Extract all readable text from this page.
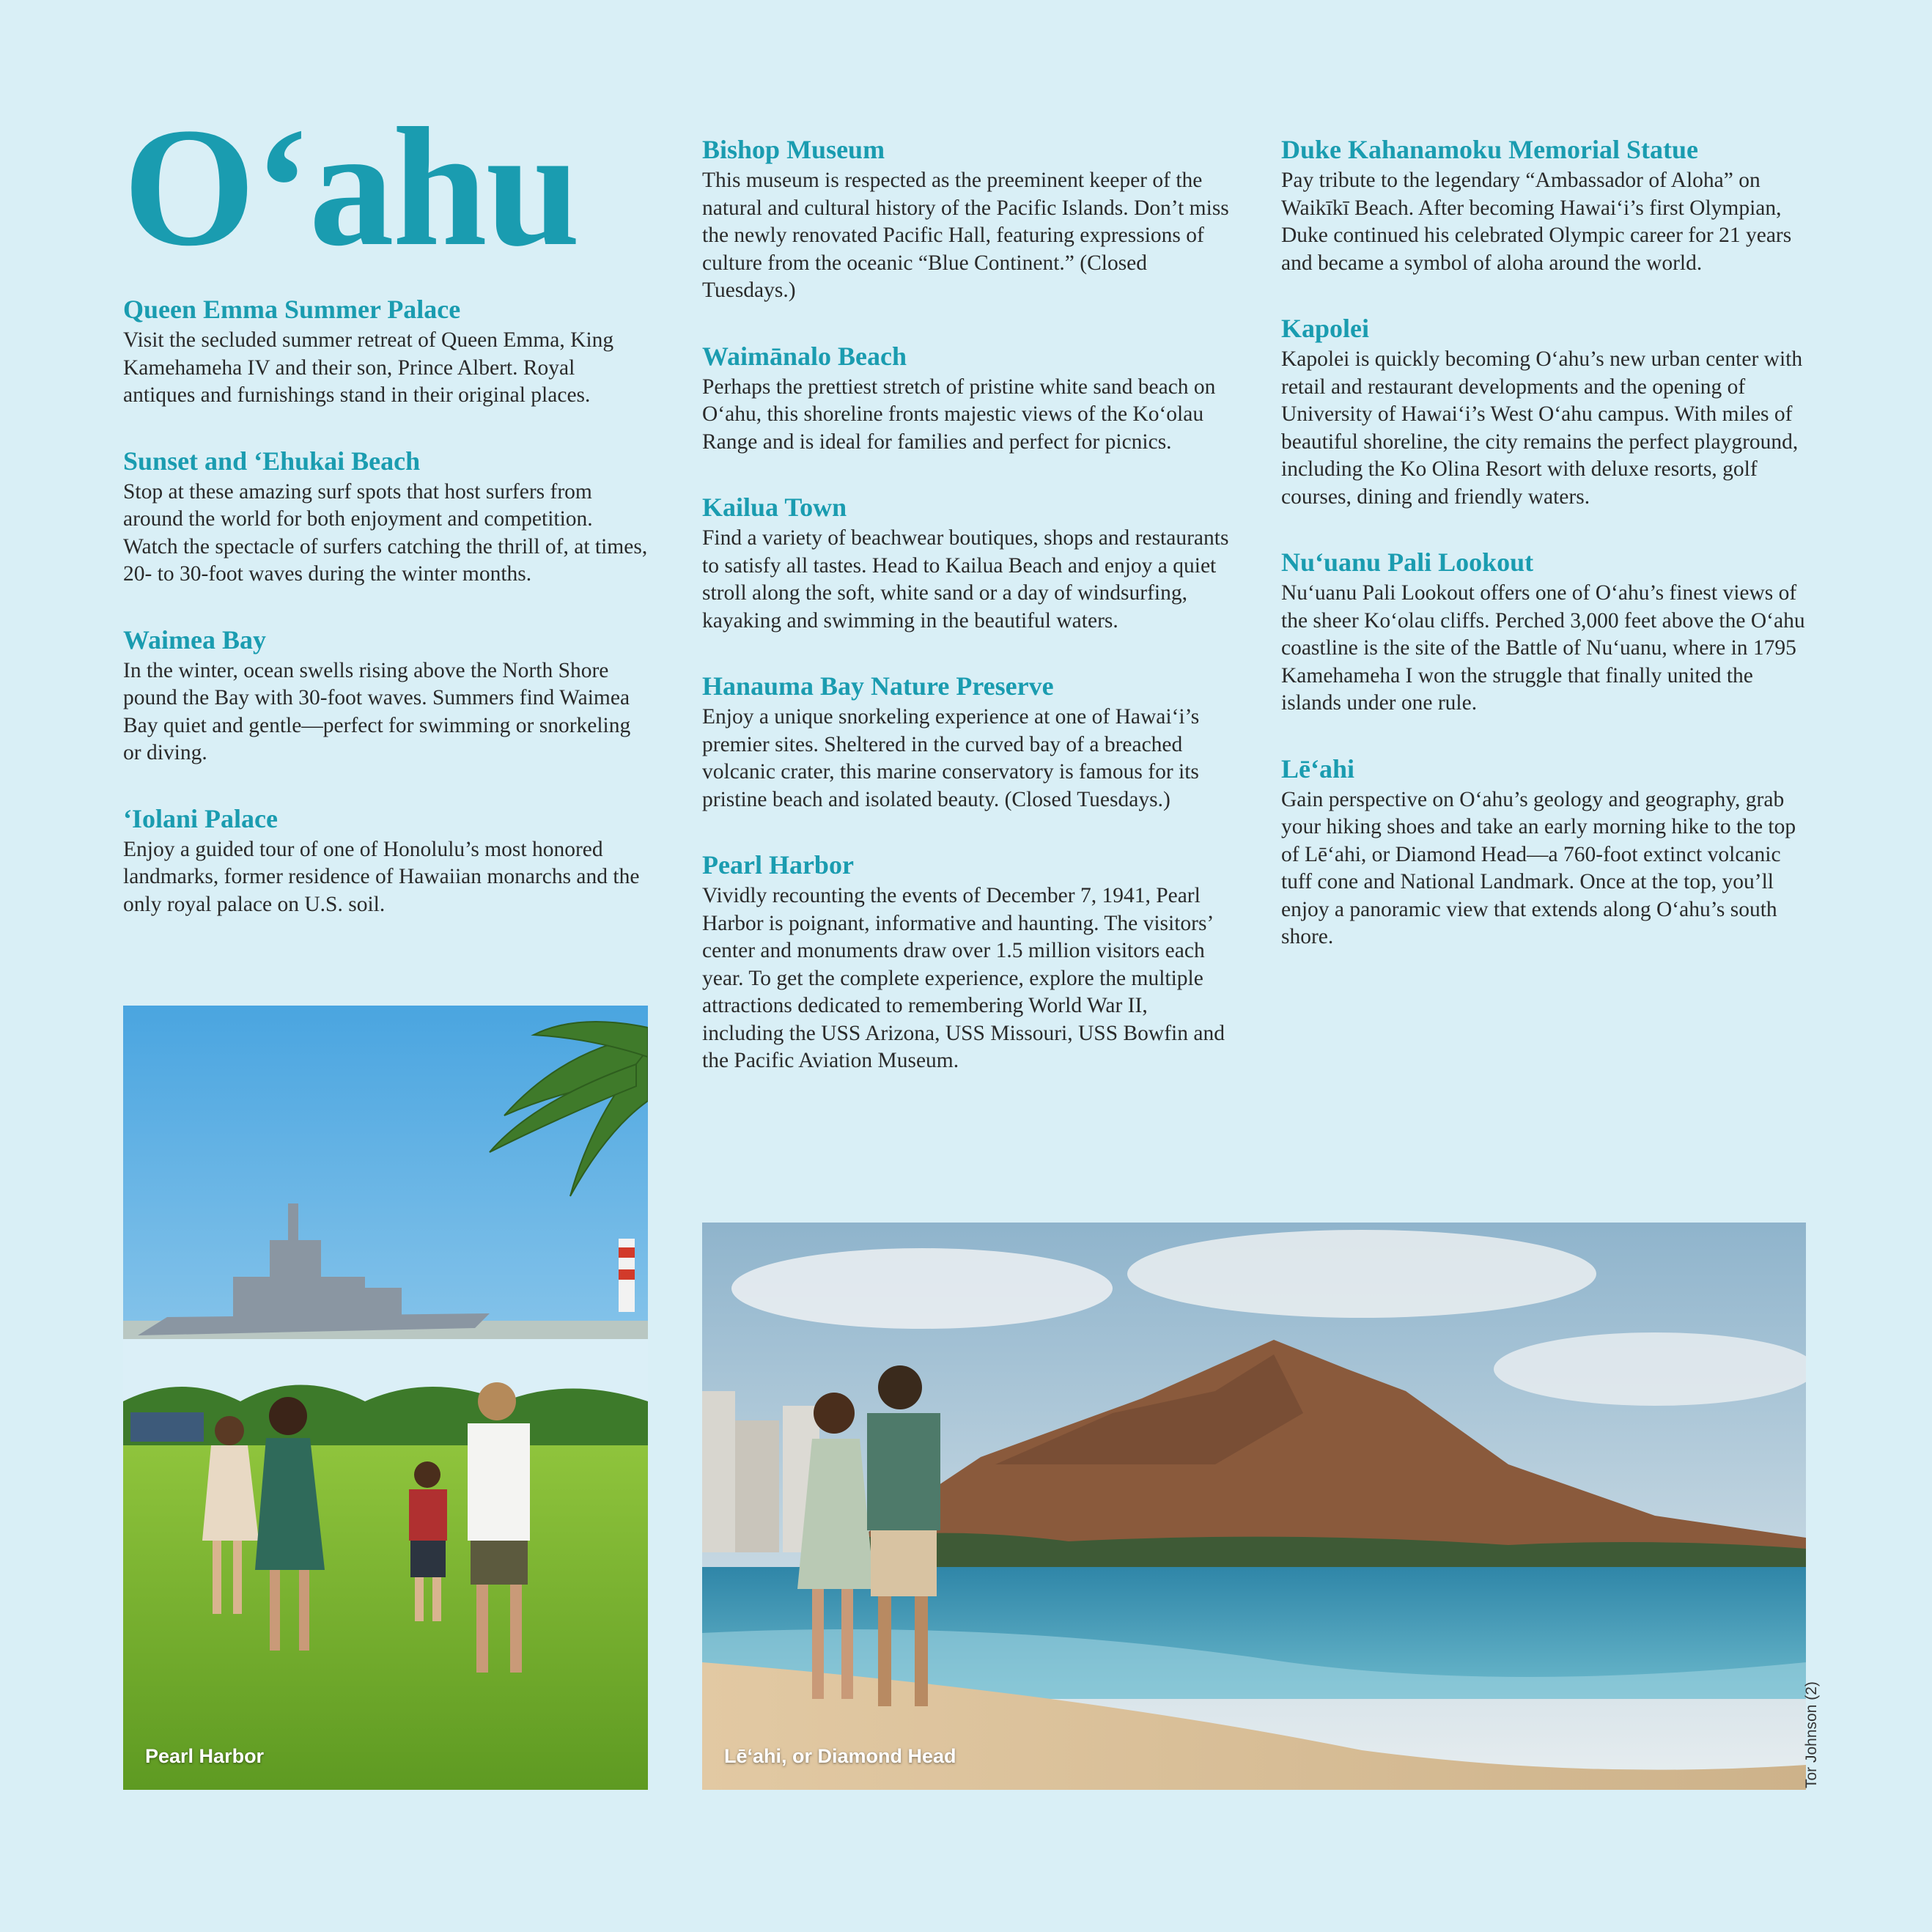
O‘ahu
Queen Emma Summer Palace

Visit the secluded summer retreat of Queen Emma, King Kamehameha IV and their son, Prince Albert. Royal antiques and furnishings stand in their original places.

Sunset and ‘Ehukai Beach

Stop at these amazing surf spots that host surfers from around the world for both enjoyment and competition. Watch the spectacle of surfers catching the thrill of, at times, 20- to 30-foot waves during the winter months.

Waimea Bay

In the winter, ocean swells rising above the North Shore pound the Bay with 30-foot waves. Summers find Waimea Bay quiet and gentle—perfect for swimming or snorkeling or diving.

‘Iolani Palace

Enjoy a guided tour of one of Honolulu’s most honored landmarks, former residence of Hawaiian monarchs and the only royal palace on U.S. soil.

Bishop Museum

This museum is respected as the preeminent keeper of the natural and cultural history of the Pacific Islands. Don’t miss the newly renovated Pacific Hall, featuring expressions of culture from the oceanic “Blue Continent.” (Closed Tuesdays.)

Waimānalo Beach

Perhaps the prettiest stretch of pristine white sand beach on O‘ahu, this shoreline fronts majestic views of the Ko‘olau Range and is ideal for families and perfect for picnics.

Kailua Town

Find a variety of beachwear boutiques, shops and restaurants to satisfy all tastes. Head to Kailua Beach and enjoy a quiet stroll along the soft, white sand or a day of windsurfing, kayaking and swimming in the beautiful waters.

Hanauma Bay Nature Preserve

Enjoy a unique snorkeling experience at one of Hawai‘i’s premier sites. Sheltered in the curved bay of a breached volcanic crater, this marine conservatory is famous for its pristine beach and isolated beauty. (Closed Tuesdays.)

Pearl Harbor

Vividly recounting the events of December 7, 1941, Pearl Harbor is poignant, informative and haunting. The visitors’ center and monuments draw over 1.5 million visitors each year. To get the complete experience, explore the multiple attractions dedicated to remembering World War II, including the USS Arizona, USS Missouri, USS Bowfin and the Pacific Aviation Museum.

Duke Kahanamoku Memorial Statue

Pay tribute to the legendary “Ambassador of Aloha” on Waikīkī Beach. After becoming Hawai‘i’s first Olympian, Duke continued his celebrated Olympic career for 21 years and became a symbol of aloha around the world.

Kapolei

Kapolei is quickly becoming O‘ahu’s new urban center with retail and restaurant developments and the opening of University of Hawai‘i’s West O‘ahu campus. With miles of beautiful shoreline, the city remains the perfect playground, including the Ko Olina Resort with deluxe resorts, golf courses, dining and friendly waters.

Nu‘uanu Pali Lookout

Nu‘uanu Pali Lookout offers one of O‘ahu’s finest views of the sheer Ko‘olau cliffs. Perched 3,000 feet above the O‘ahu coastline is the site of the Battle of Nu‘uanu, where in 1795 Kamehameha I won the struggle that finally united the islands under one rule.

Lē‘ahi

Gain perspective on O‘ahu’s geology and geography, grab your hiking shoes and take an early morning hike to the top of Lē‘ahi, or Diamond Head—a 760-foot extinct volcanic tuff cone and National Landmark. Once at the top, you’ll enjoy a panoramic view that extends along O‘ahu’s south shore.

Pearl Harbor	Lē‘ahi, or Diamond Head	Tor Johnson (2)
